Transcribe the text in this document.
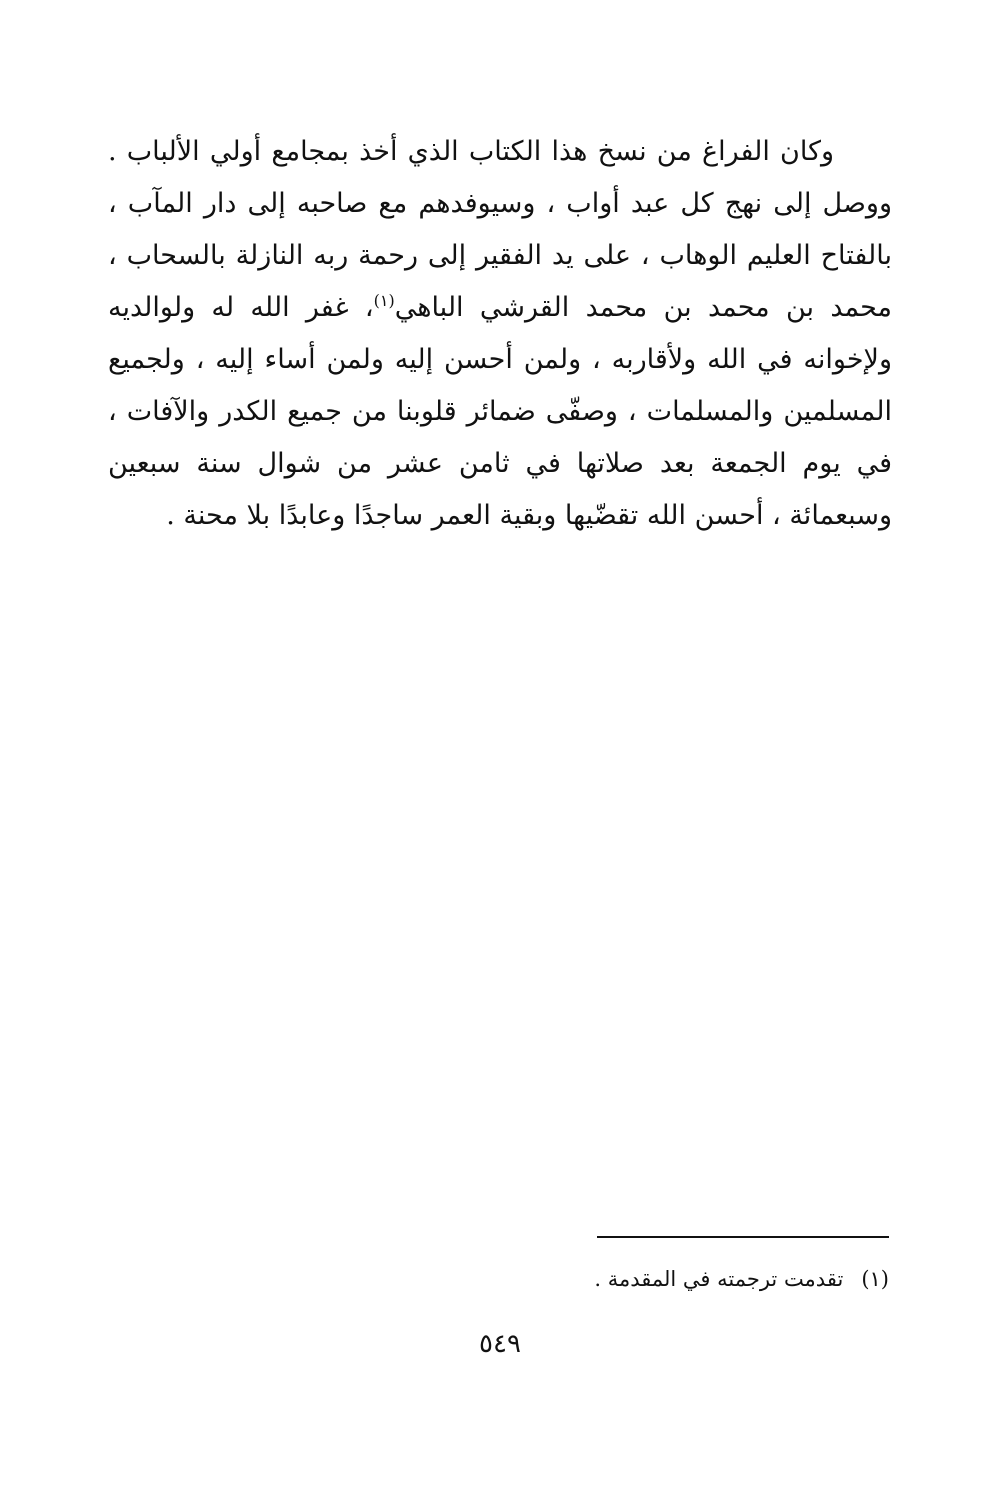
وكان الفراغ من نسخ هذا الكتاب الذي أخذ بمجامع أولي الألباب .
ووصل إلى نهج كل عبد أواب ، وسيوفدهم مع صاحبه إلى دار المآب ،
بالفتاح العليم الوهاب ، على يد الفقير إلى رحمة ربه النازلة بالسحاب ،
محمد بن محمد بن محمد القرشي الباهي$^{(١)}$، غفر الله له ولوالديه
ولإخوانه في الله ولأقاربه ، ولمن أحسن إليه ولمن أساء إليه ، ولجميع
المسلمين والمسلمات ، وصفّى ضمائر قلوبنا من جميع الكدر والآفات ،
في يوم الجمعة بعد صلاتها في ثامن عشر من شوال سنة سبعين
وسبعمائة ، أحسن الله تقضّيها وبقية العمر ساجدًا وعابدًا بلا محنة .
(١)تقدمت ترجمته في المقدمة .
٥٤٩
